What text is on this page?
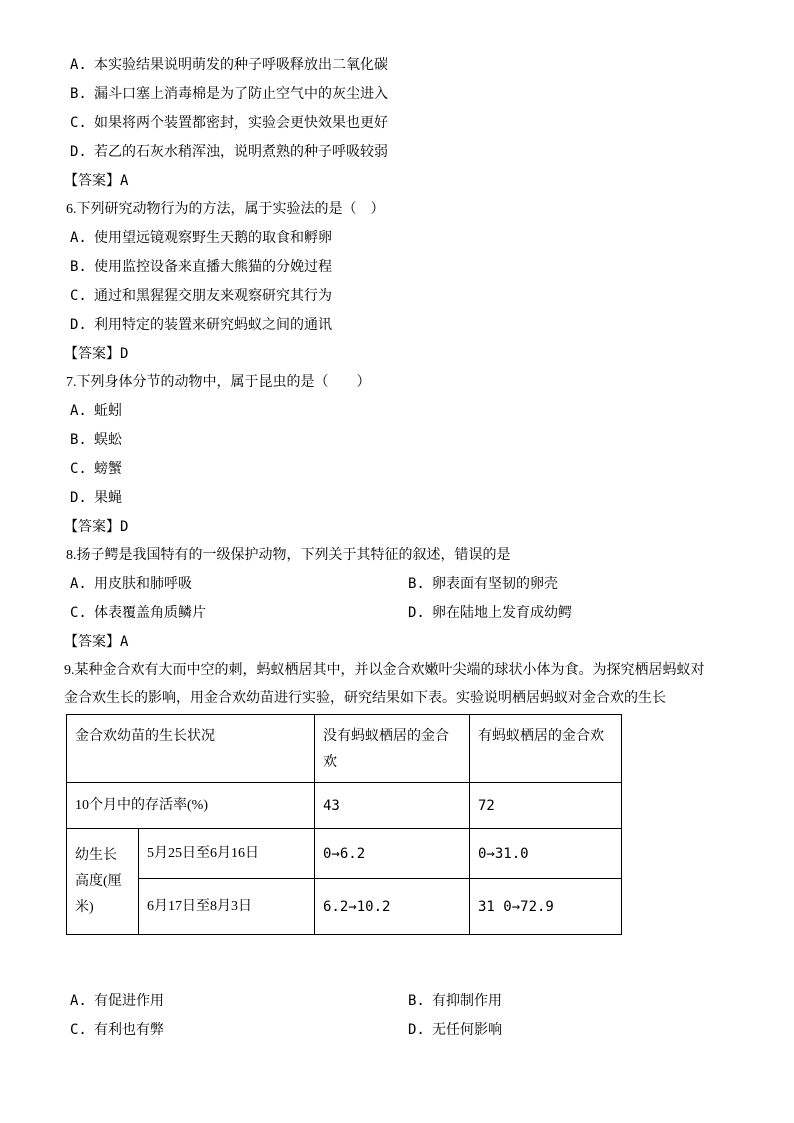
A. 本实验结果说明萌发的种子呼吸释放出二氧化碳
B. 漏斗口塞上消毒棉是为了防止空气中的灰尘进入
C. 如果将两个装置都密封，实验会更快效果也更好
D. 若乙的石灰水稍浑浊，说明煮熟的种子呼吸较弱
【答案】A
6.下列研究动物行为的方法，属于实验法的是（　）
A. 使用望远镜观察野生天鹅的取食和孵卵
B. 使用监控设备来直播大熊猫的分娩过程
C. 通过和黑猩猩交朋友来观察研究其行为
D. 利用特定的装置来研究蚂蚁之间的通讯
【答案】D
7.下列身体分节的动物中，属于昆虫的是（　　）
A. 蚯蚓
B. 蜈蚣
C. 螃蟹
D. 果蝇
【答案】D
8.扬子鳄是我国特有的一级保护动物，下列关于其特征的叙述，错误的是
A. 用皮肤和肺呼吸	B. 卵表面有坚韧的卵壳
C. 体表覆盖角质鳞片	D. 卵在陆地上发育成幼鳄
【答案】A
9.某种金合欢有大而中空的刺，蚂蚁栖居其中，并以金合欢嫩叶尖端的球状小体为食。为探究栖居蚂蚁对
金合欢生长的影响，用金合欢幼苗进行实验，研究结果如下表。实验说明栖居蚂蚁对金合欢的生长
金合欢幼苗的生长状况		没有蚂蚁栖居的金合欢	有蚂蚁栖居的金合欢
10个月中的存活率(%)		43	72
幼生长高度(厘米)	5月25日至6月16日	0→6.2	0→31.0
	6月17日至8月3日	6.2→10.2	31 0→72.9
A. 有促进作用	B. 有抑制作用
C. 有利也有弊	D. 无任何影响
